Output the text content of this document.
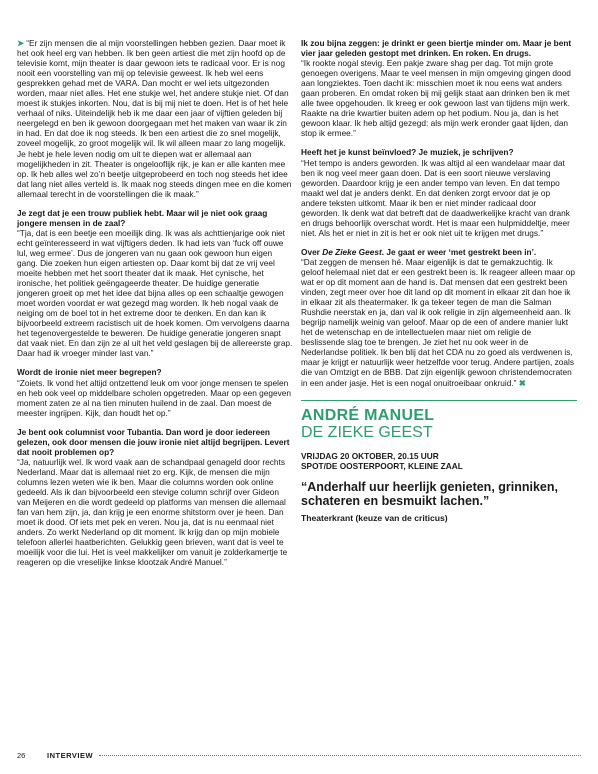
➤ “Er zijn mensen die al mijn voorstellingen hebben gezien. Daar moet ik het ook heel erg van hebben. Ik ben geen artiest die met zijn hoofd op de televisie komt, mijn theater is daar gewoon iets te radicaal voor. Er is nog nooit een voorstelling van mij op televisie geweest. Ik heb wel eens gesprekken gehad met de VARA. Dan mocht er wel iets uitgezonden worden, maar niet alles. Het ene stukje wel, het andere stukje niet. Of dan moest ik stukjes inkorten. Nou, dat is bij mij niet te doen. Het is of het hele verhaal of niks. Uiteindelijk heb ik me daar een jaar of vijftien geleden bij neergelegd en ben ik gewoon doorgegaan met het maken van waar ik zin in had. En dat doe ik nog steeds. Ik ben een artiest die zo snel mogelijk, zoveel mogelijk, zo groot mogelijk wil. Ik wil alleen maar zo lang mogelijk. Je hebt je hele leven nodig om uit te diepen wat er allemaal aan mogelijkheden in zit. Theater is ongelooflijk rijk, je kan er alle kanten mee op. Ik heb alles wel zo’n beetje uitgeprobeerd en toch nog steeds het idee dat lang niet alles verteld is. Ik maak nog steeds dingen mee en die komen allemaal terecht in de voorstellingen die ik maak.”

Je zegt dat je een trouw publiek hebt. Maar wil je niet ook graag jongere mensen in de zaal?

“Tja, dat is een beetje een moeilijk ding. Ik was als achttienjarige ook niet echt geïnteresseerd in wat vijftigers deden. Ik had iets van ‘fuck off ouwe lul, weg ermee’. Dus de jongeren van nu gaan ook gewoon hun eigen gang. Die zoeken hun eigen artiesten op. Daar komt bij dat ze vrij veel moeite hebben met het soort theater dat ik maak. Het cynische, het ironische, het politiek geëngageerde theater. De huidige generatie jongeren groeit op met het idee dat bijna alles op een schaaltje gewogen moet worden voordat er wat gezegd mag worden. Ik heb nogal vaak de neiging om de boel tot in het extreme door te denken. En dan kan ik bijvoorbeeld extreem racistisch uit de hoek komen. Om vervolgens daarna het tegenovergestelde te beweren. De huidige generatie jongeren snapt dat vaak niet. En dan zijn ze al uit het veld geslagen bij de allereerste grap. Daar had ik vroeger minder last van.”

Wordt de ironie niet meer begrepen?

“Zoiets. Ik vond het altijd ontzettend leuk om voor jonge mensen te spelen en heb ook veel op middelbare scholen opgetreden. Maar op een gegeven moment zaten ze al na tien minuten huilend in de zaal. Dan moest de meester ingrijpen. Kijk, dan houdt het op.”

Je bent ook columnist voor Tubantia. Dan word je door iedereen gelezen, ook door mensen die jouw ironie niet altijd begrijpen. Levert dat nooit problemen op?

“Ja, natuurlijk wel. Ik word vaak aan de schandpaal genageld door rechts Nederland. Maar dat is allemaal niet zo erg. Kijk, de mensen die mijn columns lezen weten wie ik ben. Maar die columns worden ook online gedeeld. Als ik dan bijvoorbeeld een stevige column schrijf over Gideon van Meijeren en die wordt gedeeld op platforms van mensen die allemaal fan van hem zijn, ja, dan krijg je een enorme shitstorm over je heen. Dan moet ik dood. Of iets met pek en veren. Nou ja, dat is nu eenmaal niet anders. Zo werkt Nederland op dit moment. Ik krijg dan op mijn mobiele telefoon allerlei haatberichten. Gelukkig geen brieven, want dat is veel te moeilijk voor die lui. Het is veel makkelijker om vanuit je zolderkamertje te reageren op die vreselijke linkse klootzak André Manuel.”

Ik zou bijna zeggen: je drinkt er geen biertje minder om. Maar je bent vier jaar geleden gestopt met drinken. En roken. En drugs.

“Ik rookte nogal stevig. Een pakje zware shag per dag. Tot mijn grote genoegen overigens. Maar te veel mensen in mijn omgeving gingen dood aan longziektes. Toen dacht ik: misschien moet ik nou eens wat anders gaan proberen. En omdat roken bij mij gelijk staat aan drinken ben ik met alle twee opgehouden. Ik kreeg er ook gewoon last van tijdens mijn werk. Raakte na drie kwartier buiten adem op het podium. Nou ja, dan is het gewoon klaar. Ik heb altijd gezegd: als mijn werk eronder gaat lijden, dan stop ik ermee.”

Heeft het je kunst beïnvloed? Je muziek, je schrijven?

“Het tempo is anders geworden. Ik was altijd al een wandelaar maar dat ben ik nog veel meer gaan doen. Dat is een soort nieuwe verslaving geworden. Daardoor krijg je een ander tempo van leven. En dat tempo maakt wel dat je anders denkt. En dat denken zorgt ervoor dat je op andere teksten uitkomt. Maar ik ben er niet minder radicaal door geworden. Ik denk wat dat betreft dat de daadwerkelijke kracht van drank en drugs behoorlijk overschat wordt. Het is maar een hulpmiddeltje, meer niet. Als het er niet in zit is het er ook niet uit te krijgen met drugs.”

Over De Zieke Geest. Je gaat er weer ‘met gestrekt been in’.

“Dat zeggen de mensen hé. Maar eigenlijk is dat te gemakzuchtig. Ik geloof helemaal niet dat er een gestrekt been is. Ik reageer alleen maar op wat er op dit moment aan de hand is. Dat mensen dat een gestrekt been vinden, zegt meer over hoe dit land op dit moment in elkaar zit dan hoe ik in elkaar zit als theatermaker. Ik ga tekeer tegen de man die Salman Rushdie neerstak en ja, dan val ik ook religie in zijn algemeenheid aan. Ik begrijp namelijk weinig van geloof. Maar op de een of andere manier lukt het de wetenschap en de intellectuelen maar niet om religie de beslissende slag toe te brengen. Je ziet het nu ook weer in de Nederlandse politiek. Ik ben blij dat het CDA nu zo goed als verdwenen is, maar je krijgt er natuurlijk weer hetzelfde voor terug. Andere partijen, zoals die van Omtzigt en de BBB. Dat zijn eigenlijk gewoon christendemocraten in een ander jasje. Het is een nogal onuitroeibaar onkruid.” ✖

ANDRÉ MANUEL

DE ZIEKE GEEST

VRIJDAG 20 OKTOBER, 20.15 UUR
SPOT/DE OOSTERPOORT, KLEINE ZAAL

“Anderhalf uur heerlijk genieten, grinniken, schateren en besmuikt lachen.”

Theaterkrant (keuze van de criticus)

26	INTERVIEW
